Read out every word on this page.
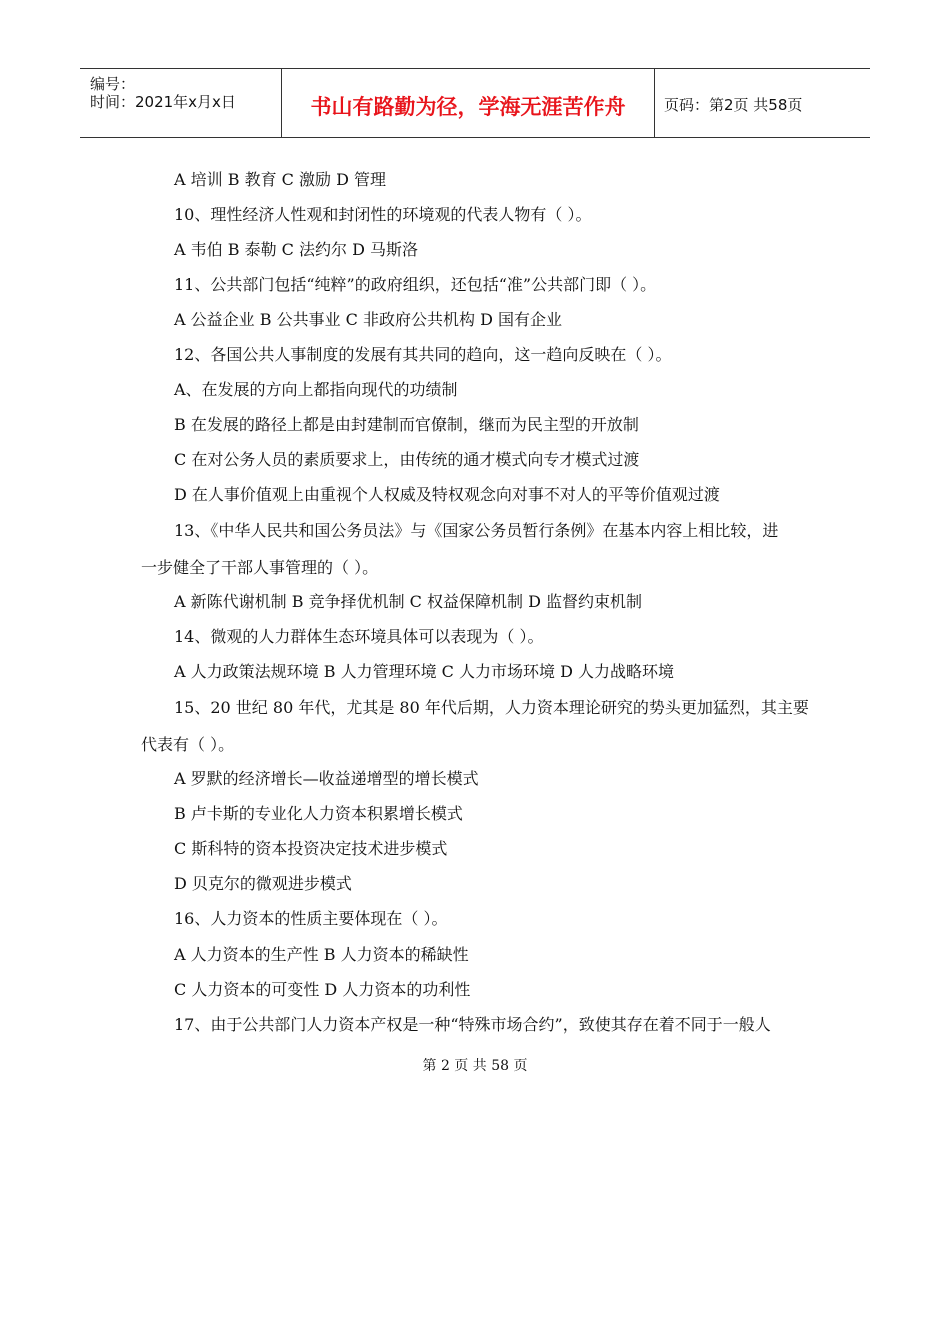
编号：
时间：2021年x月x日	书山有路勤为径，学海无涯苦作舟	页码：第2页 共58页
A 培训 B 教育 C 激励 D 管理
10、理性经济人性观和封闭性的环境观的代表人物有（ ）。
A 韦伯 B 泰勒 C 法约尔 D 马斯洛
11、公共部门包括“纯粹”的政府组织，还包括“准”公共部门即（ ）。
A 公益企业 B 公共事业 C 非政府公共机构 D 国有企业
12、各国公共人事制度的发展有其共同的趋向，这一趋向反映在（ ）。
A、在发展的方向上都指向现代的功绩制
B 在发展的路径上都是由封建制而官僚制，继而为民主型的开放制
C 在对公务人员的素质要求上，由传统的通才模式向专才模式过渡
D 在人事价值观上由重视个人权威及特权观念向对事不对人的平等价值观过渡
13、《中华人民共和国公务员法》与《国家公务员暂行条例》在基本内容上相比较，进
一步健全了干部人事管理的（ ）。
A 新陈代谢机制 B 竞争择优机制 C 权益保障机制 D 监督约束机制
14、微观的人力群体生态环境具体可以表现为（ ）。
A 人力政策法规环境 B 人力管理环境 C 人力市场环境 D 人力战略环境
15、20 世纪 80 年代，尤其是 80 年代后期，人力资本理论研究的势头更加猛烈，其主要
代表有（ ）。
A 罗默的经济增长—收益递增型的增长模式
B 卢卡斯的专业化人力资本积累增长模式
C 斯科特的资本投资决定技术进步模式
D 贝克尔的微观进步模式
16、人力资本的性质主要体现在（ ）。
A 人力资本的生产性 B 人力资本的稀缺性
C 人力资本的可变性 D 人力资本的功利性
17、由于公共部门人力资本产权是一种“特殊市场合约”，致使其存在着不同于一般人
第 2 页 共 58 页
